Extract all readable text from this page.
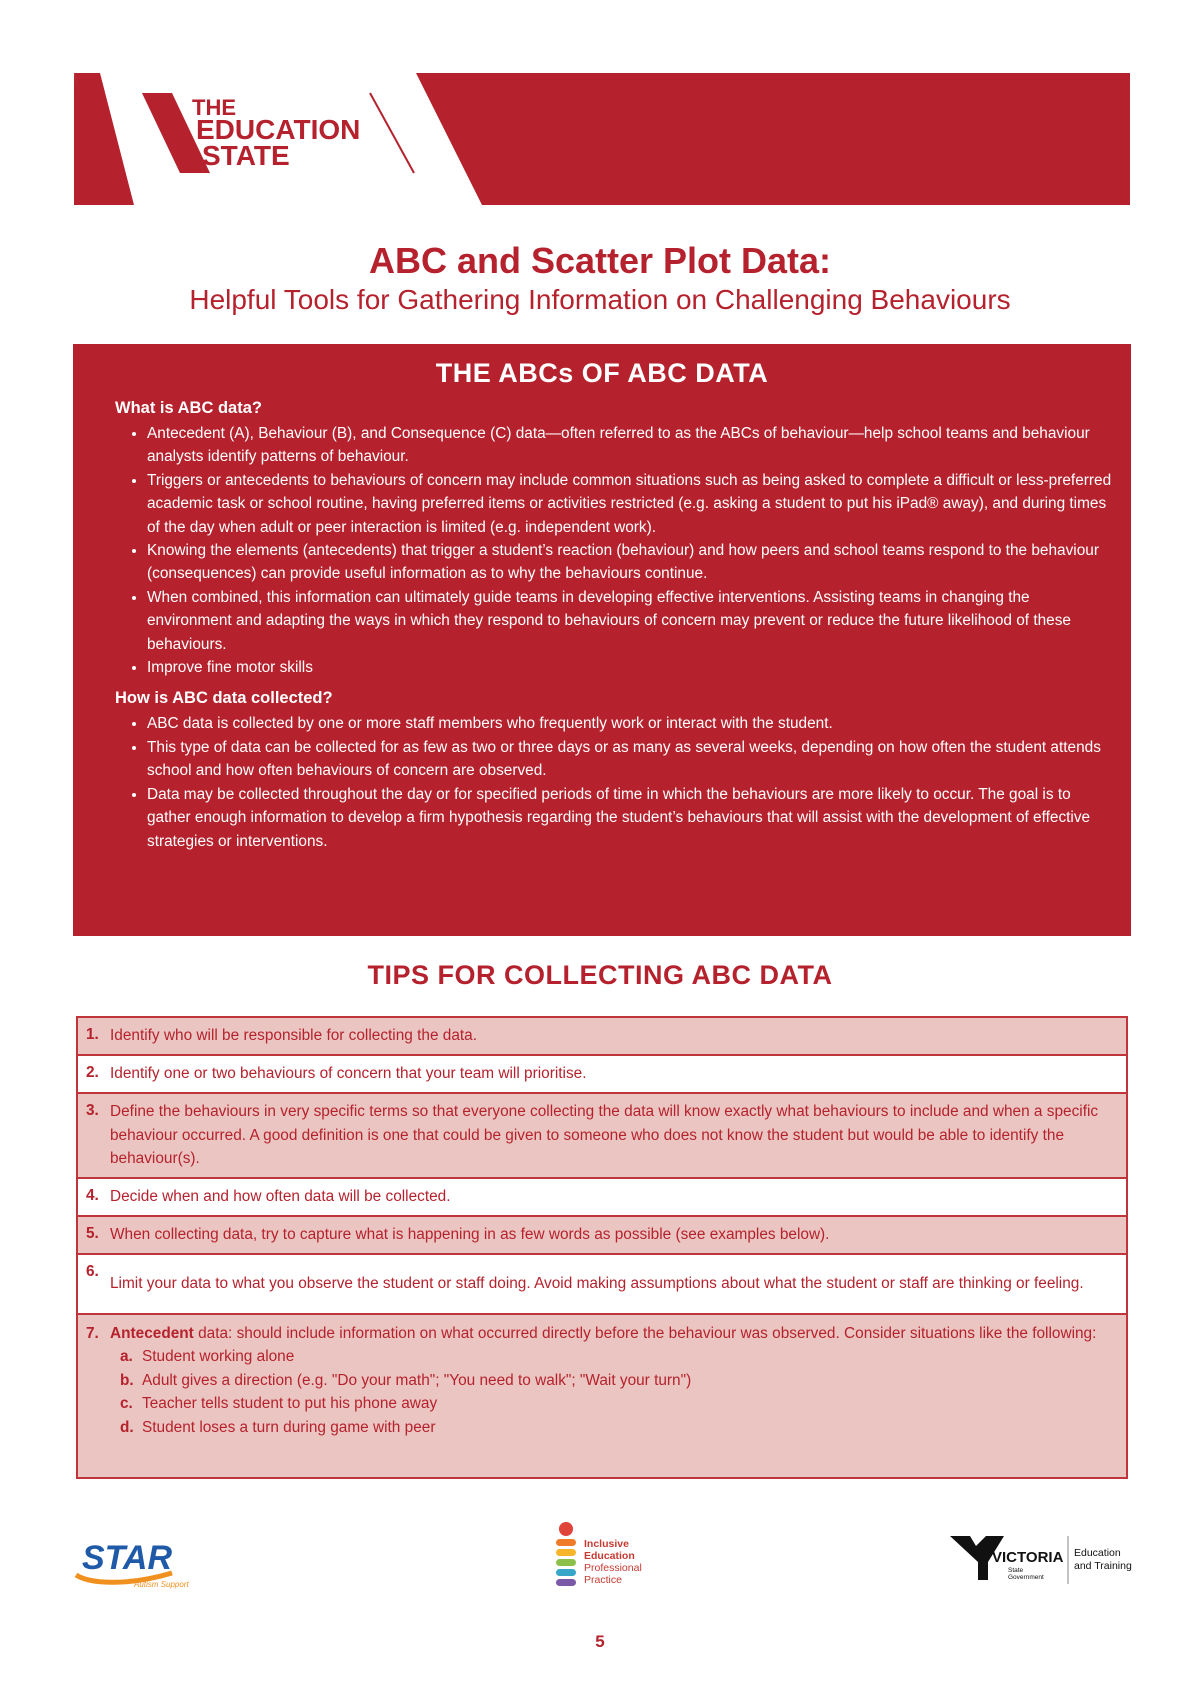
THE
EDUCATION
STATE
ABC and Scatter Plot Data:

Helpful Tools for Gathering Information on Challenging Behaviours

THE ABCs OF ABC DATA
What is ABC data?
• Antecedent (A), Behaviour (B), and Consequence (C) data—often referred to as the ABCs of behaviour—help school teams and behaviour analysts identify patterns of behaviour.
• Triggers or antecedents to behaviours of concern may include common situations such as being asked to complete a difficult or less-preferred academic task or school routine, having preferred items or activities restricted (e.g. asking a student to put his iPad® away), and during times of the day when adult or peer interaction is limited (e.g. independent work).
• Knowing the elements (antecedents) that trigger a student’s reaction (behaviour) and how peers and school teams respond to the behaviour (consequences) can provide useful information as to why the behaviours continue.
• When combined, this information can ultimately guide teams in developing effective interventions. Assisting teams in changing the environment and adapting the ways in which they respond to behaviours of concern may prevent or reduce the future likelihood of these behaviours.
• Improve fine motor skills
How is ABC data collected?
• ABC data is collected by one or more staff members who frequently work or interact with the student.
• This type of data can be collected for as few as two or three days or as many as several weeks, depending on how often the student attends school and how often behaviours of concern are observed.
• Data may be collected throughout the day or for specified periods of time in which the behaviours are more likely to occur. The goal is to gather enough information to develop a firm hypothesis regarding the student’s behaviours that will assist with the development of effective strategies or interventions.
TIPS FOR COLLECTING ABC DATA
1. Identify who will be responsible for collecting the data.
2. Identify one or two behaviours of concern that your team will prioritise.
3. Define the behaviours in very specific terms so that everyone collecting the data will know exactly what behaviours to include and when a specific behaviour occurred. A good definition is one that could be given to someone who does not know the student but would be able to identify the behaviour(s).
4. Decide when and how often data will be collected.
5. When collecting data, try to capture what is happening in as few words as possible (see examples below).
6.
Limit your data to what you observe the student or staff doing. Avoid making assumptions about what the student or staff are thinking or feeling.
7. Antecedent data: should include information on what occurred directly before the behaviour was observed. Consider situations like the following:
a. Student working alone
b. Adult gives a direction (e.g. "Do your math"; "You need to walk"; "Wait your turn")
c. Teacher tells student to put his phone away
d. Student loses a turn during game with peer
STAR
Autism Support
Inclusive
Education
Professional
Practice
VICTORIA
State
Government
Education
and Training
5
